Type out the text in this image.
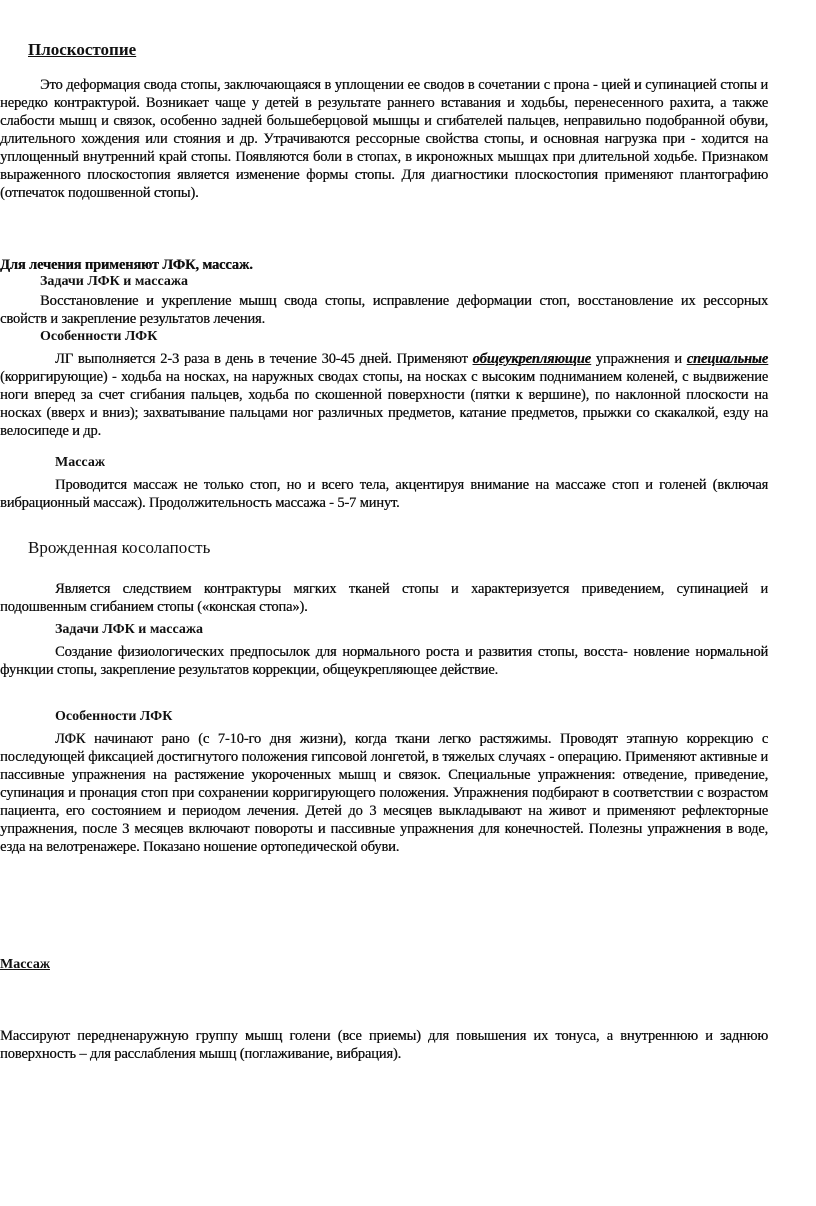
Плоскостопие

Это деформация свода стопы, заключающаяся в уплощении ее сводов в сочетании с прона - цией и супинацией стопы и нередко контрактурой. Возникает чаще у детей в результате раннего вставания и ходьбы, перенесенного рахита, а также слабости мышц и связок, особенно задней большеберцовой мышцы и сгибателей пальцев, неправильно подобранной обуви, длительного хождения или стояния и др. Утрачиваются рессорные свойства стопы, и основная нагрузка при - ходится на уплощенный внутренний край стопы. Появляются боли в стопах, в икроножных мышцах при длительной ходьбе. Признаком выраженного плоскостопия является изменение формы стопы. Для диагностики плоскостопия применяют плантографию (отпечаток подошвенной стопы).

Для лечения применяют ЛФК, массаж.

Задачи ЛФК и массажа

Восстановление и укрепление мышц свода стопы, исправление деформации стоп, восстановление их рессорных свойств и закрепление результатов лечения.

Особенности ЛФК

ЛГ выполняется 2-3 раза в день в течение 30-45 дней. Применяют общеукрепляющие упражнения и специальные (корригирующие) - ходьба на носках, на наружных сводах стопы, на носках с высоким подниманием коленей, с выдвижение ноги вперед за счет сгибания пальцев, ходьба по скошенной поверхности (пятки к вершине), по наклонной плоскости на носках (вверх и вниз); захватывание пальцами ног различных предметов, катание предметов, прыжки со скакалкой, езду на велосипеде и др.

Массаж

Проводится массаж не только стоп, но и всего тела, акцентируя внимание на массаже стоп и голеней (включая вибрационный массаж). Продолжительность массажа - 5-7 минут.

Врожденная косолапость

Является следствием контрактуры мягких тканей стопы и характеризуется приведением, супинацией и подошвенным сгибанием стопы («конская стопа»).

Задачи ЛФК и массажа

Создание физиологических предпосылок для нормального роста и развития стопы, восста- новление нормальной функции стопы, закрепление результатов коррекции, общеукрепляющее действие.

Особенности ЛФК

ЛФК начинают рано (с 7-10-го дня жизни), когда ткани легко растяжимы. Проводят этапную коррекцию с последующей фиксацией достигнутого положения гипсовой лонгетой, в тяжелых случаях - операцию. Применяют активные и пассивные упражнения на растяжение укороченных мышц и связок. Специальные упражнения: отведение, приведение, супинация и пронация стоп при сохранении корригирующего положения. Упражнения подбирают в соответствии с возрастом пациента, его состоянием и периодом лечения. Детей до 3 месяцев выкладывают на живот и применяют рефлекторные упражнения, после 3 месяцев включают повороты и пассивные упражнения для конечностей. Полезны упражнения в воде, езда на велотренажере. Показано ношение ортопедической обуви.

Массаж

Массируют передненаружную группу мышц голени (все приемы) для повышения их тонуса, а внутреннюю и заднюю поверхность – для расслабления мышц (поглаживание, вибрация).
